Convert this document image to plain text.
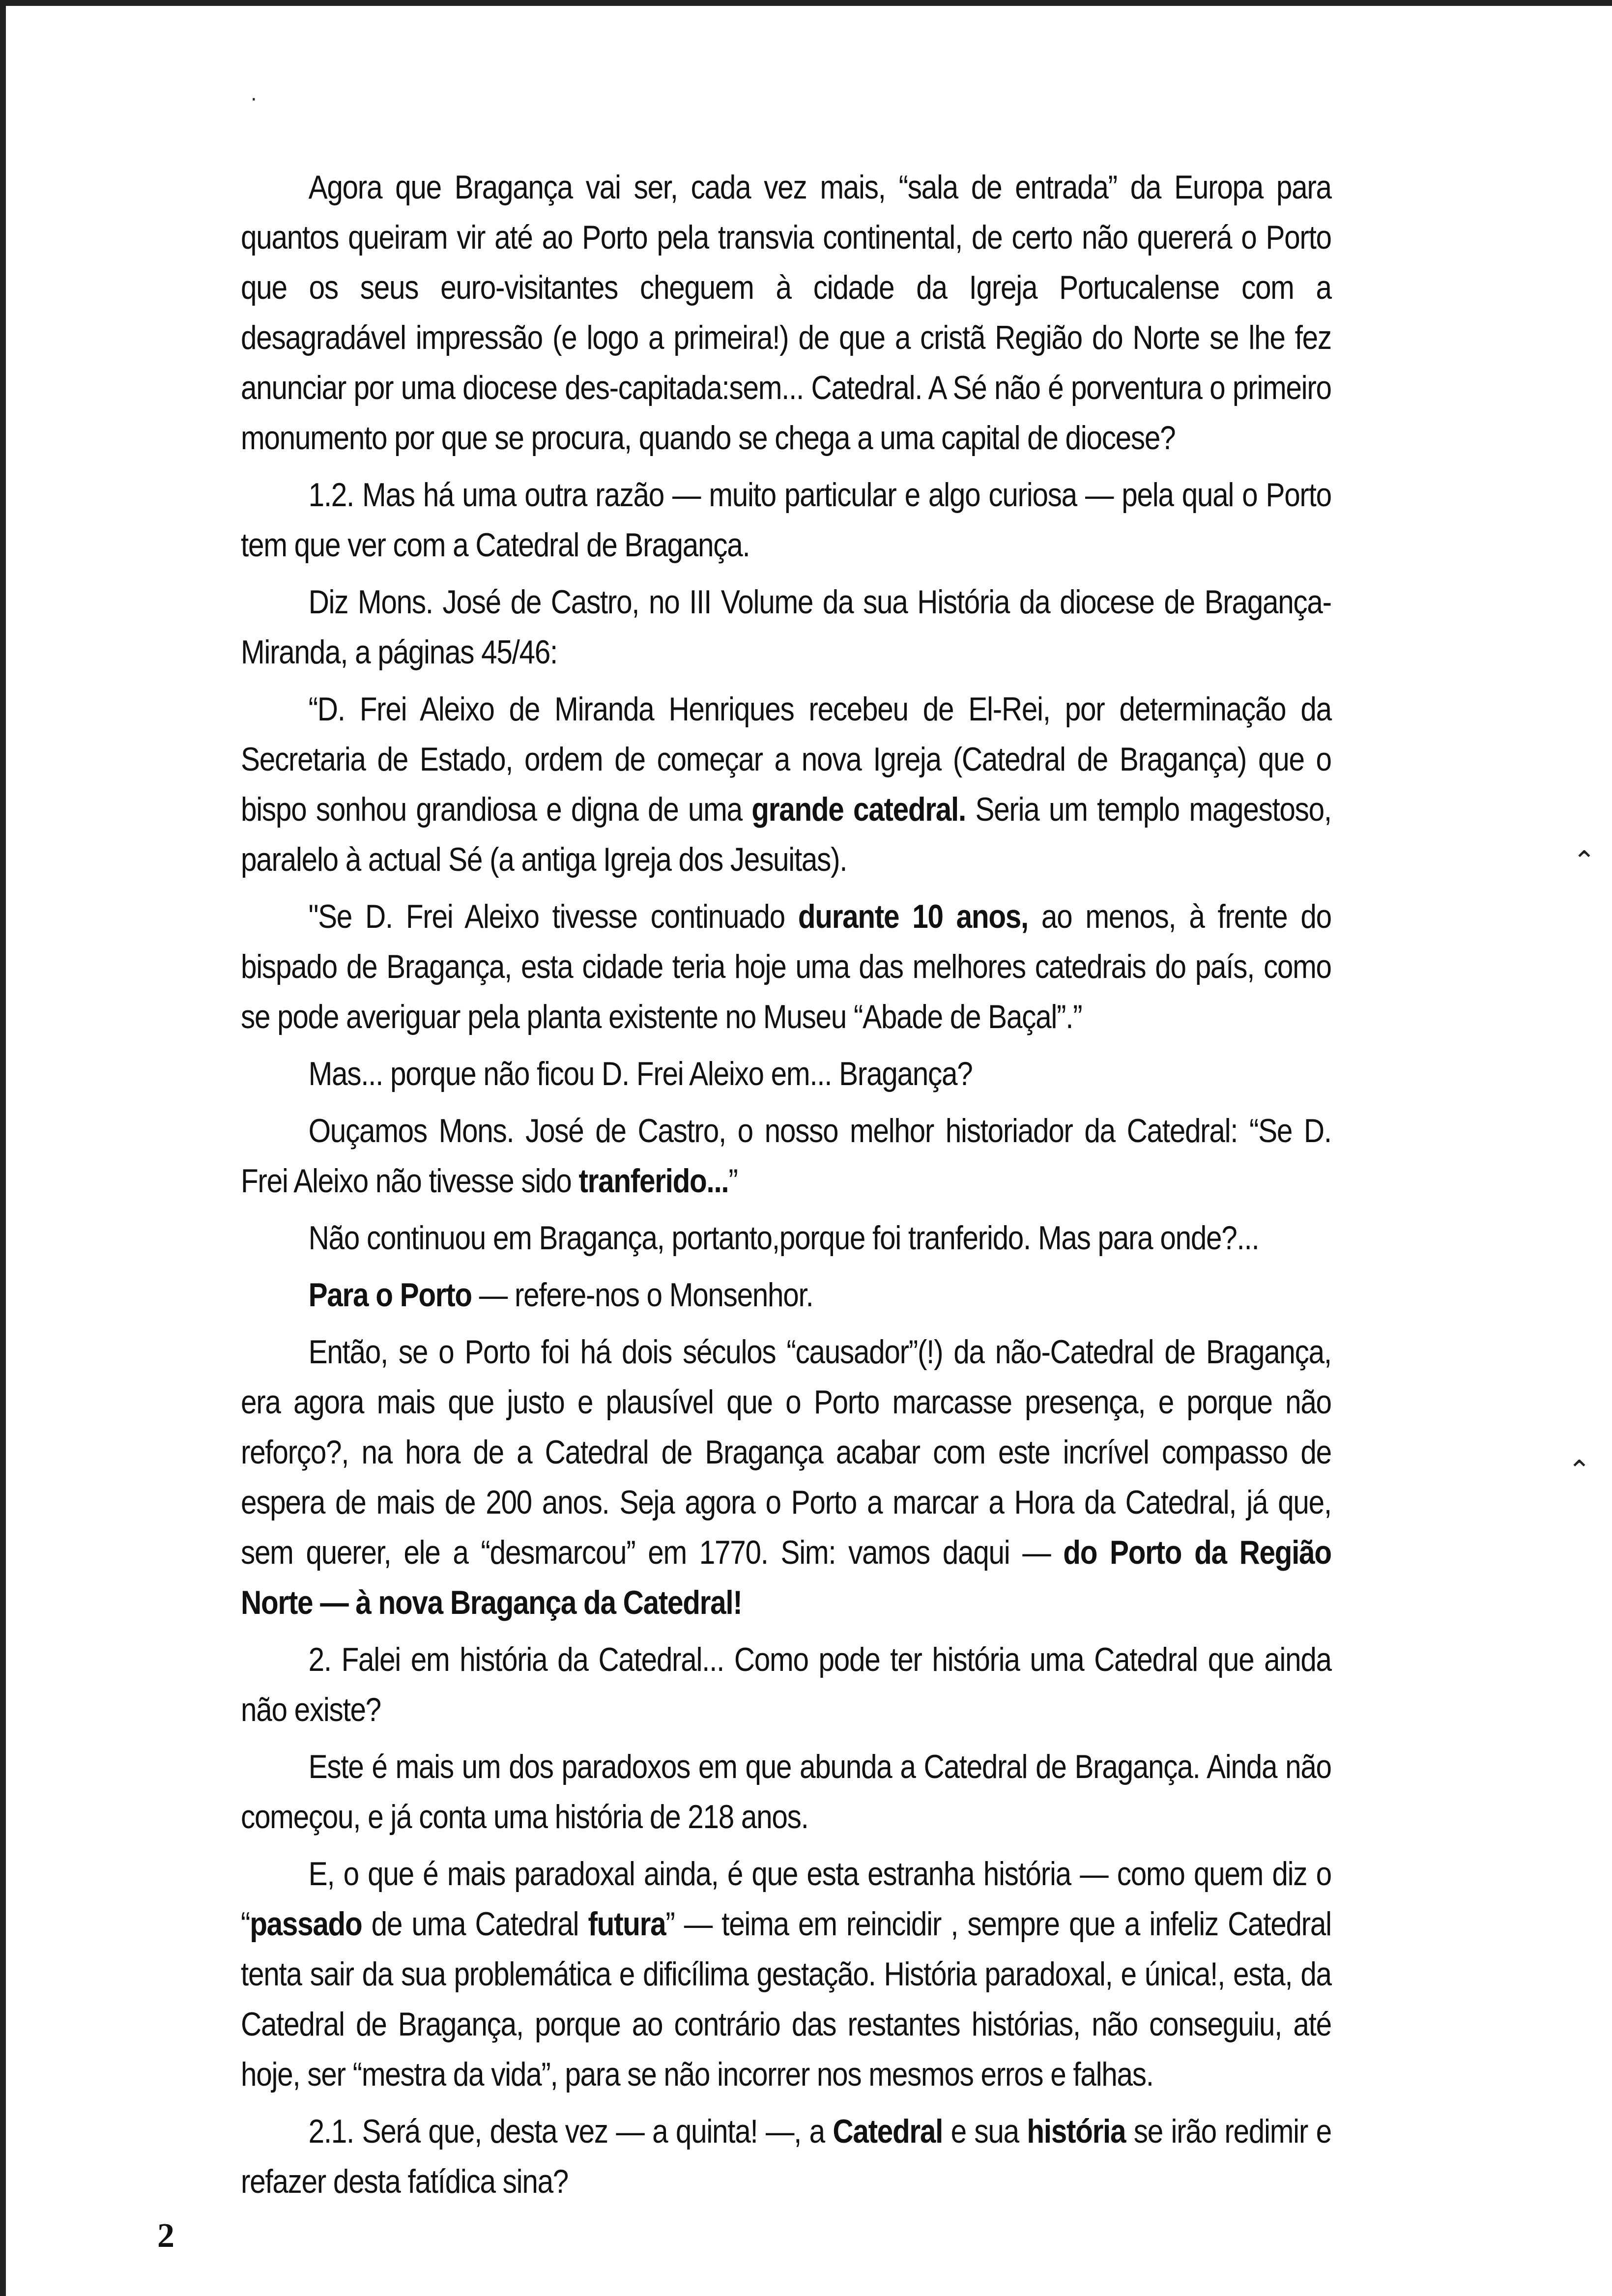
·
⌃
⌃

Agora que Bragança vai ser, cada vez mais, “sala de entrada” da Europa para quantos queiram vir até ao Porto pela transvia continental, de certo não quererá o Porto que os seus euro-visitantes cheguem à cidade da Igreja Portucalense com a desagradável impressão (e logo a primeira!) de que a cristã Região do Norte se lhe fez anunciar por uma diocese des-capitada:sem... Catedral. A Sé não é porventura o primeiro monumento por que se procura, quando se chega a uma capital de diocese?

1.2. Mas há uma outra razão — muito particular e algo curiosa — pela qual o Porto tem que ver com a Catedral de Bragança.

Diz Mons. José de Castro, no III Volume da sua História da diocese de Bragança-Miranda, a páginas 45/46:

“D. Frei Aleixo de Miranda Henriques recebeu de El-Rei, por determinação da Secretaria de Estado, ordem de começar a nova Igreja (Catedral de Bragança) que o bispo sonhou grandiosa e digna de uma grande catedral. Seria um templo magestoso, paralelo à actual Sé (a antiga Igreja dos Jesuitas).

"Se D. Frei Aleixo tivesse continuado durante 10 anos, ao menos, à frente do bispado de Bragança, esta cidade teria hoje uma das melhores catedrais do país, como se pode averiguar pela planta existente no Museu “Abade de Baçal”.”

Mas... porque não ficou D. Frei Aleixo em... Bragança?

Ouçamos Mons. José de Castro, o nosso melhor historiador da Catedral: “Se D. Frei Aleixo não tivesse sido tranferido...”

Não continuou em Bragança, portanto,porque foi tranferido. Mas para onde?...

Para o Porto — refere-nos o Monsenhor.

Então, se o Porto foi há dois séculos “causador”(!) da não-Catedral de Bragança, era agora mais que justo e plausível que o Porto marcasse presença, e porque não reforço?, na hora de a Catedral de Bragança acabar com este incrível compasso de espera de mais de 200 anos. Seja agora o Porto a marcar a Hora da Catedral, já que, sem querer, ele a “desmarcou” em 1770. Sim: vamos daqui — do Porto da Região Norte — à nova Bragança da Catedral!

2. Falei em história da Catedral... Como pode ter história uma Catedral que ainda não existe?

Este é mais um dos paradoxos em que abunda a Catedral de Bragança. Ainda não começou, e já conta uma história de 218 anos.

E, o que é mais paradoxal ainda, é que esta estranha história — como quem diz o “passado de uma Catedral futura” — teima em reincidir , sempre que a infeliz Catedral tenta sair da sua problemática e dificílima gestação. História paradoxal, e única!, esta, da Catedral de Bragança, porque ao contrário das restantes histórias, não conseguiu, até hoje, ser “mestra da vida”, para se não incorrer nos mesmos erros e falhas.

2.1. Será que, desta vez — a quinta! —, a Catedral e sua história se irão redimir e refazer desta fatídica sina?

2
